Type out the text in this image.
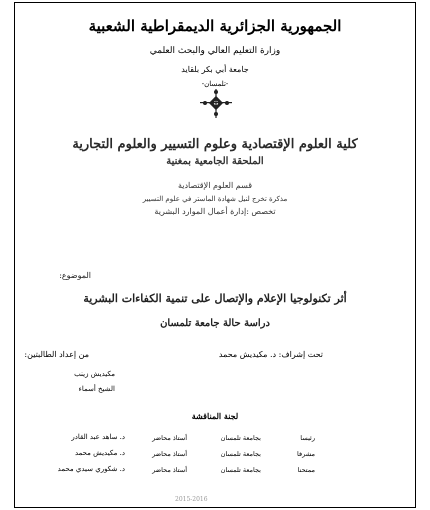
الجمهورية الجزائرية الديمقراطية الشعبية
وزارة التعليم العالي والبحث العلمي
جامعة أبي بكر بلقايد
-تلمسان-
كلية العلوم الإقتصادية وعلوم التسيير والعلوم التجارية
الملحقة الجامعية بمغنية
قسم العلوم الإقتصادية
مذكرة تخرج لنيل شهادة الماستر في علوم التسيير
تخصص :إدارة أعمال الموارد البشرية
الموضوع:
أثر تكنولوجيا الإعلام والإتصال على تنمية الكفاءات البشرية
دراسة حالة جامعة تلمسان
من إعداد الطالبتين:	تحت إشراف: د. مكيديش محمد
مكيديش زينب
الشيخ أسماء
لجنة المناقشة
د. ساهد عبد القادر	أستاذ محاضر	بجامعة تلمسان	رئيسا
د. مكيديش محمد	أستاذ محاضر	بجامعة تلمسان	مشرفا
د. شكوري سيدي محمد	أستاذ محاضر	بجامعة تلمسان	ممتحنا
2015-2016
